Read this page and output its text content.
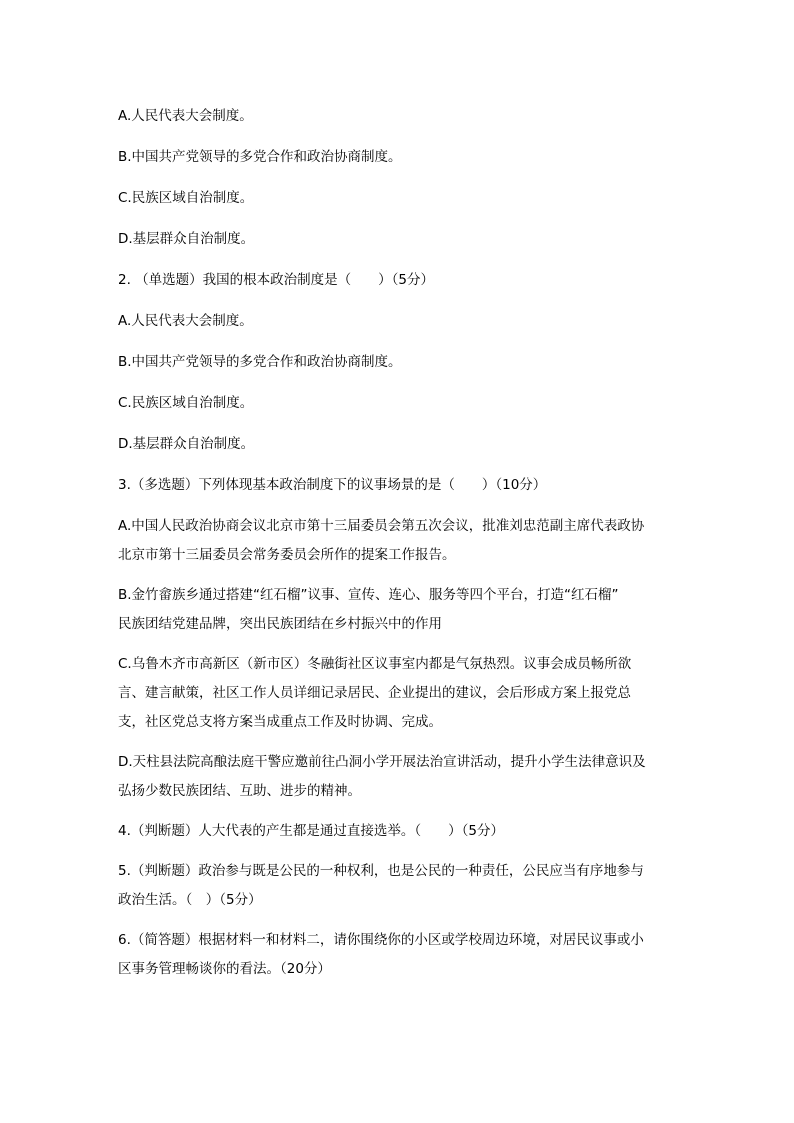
A.人民代表大会制度。
B.中国共产党领导的多党合作和政治协商制度。
C.民族区域自治制度。
D.基层群众自治制度。
2. （单选题）我国的根本政治制度是（　　）（5分）
A.人民代表大会制度。
B.中国共产党领导的多党合作和政治协商制度。
C.民族区域自治制度。
D.基层群众自治制度。
3.（多选题）下列体现基本政治制度下的议事场景的是（　　）（10分）
A.中国人民政治协商会议北京市第十三届委员会第五次会议，批准刘忠范副主席代表政协
北京市第十三届委员会常务委员会所作的提案工作报告。
B.金竹畲族乡通过搭建“红石榴”议事、宣传、连心、服务等四个平台，打造“红石榴”
民族团结党建品牌，突出民族团结在乡村振兴中的作用
C.乌鲁木齐市高新区（新市区）冬融街社区议事室内都是气氛热烈。议事会成员畅所欲
言、建言献策，社区工作人员详细记录居民、企业提出的建议，会后形成方案上报党总
支，社区党总支将方案当成重点工作及时协调、完成。
D.天柱县法院高酿法庭干警应邀前往凸洞小学开展法治宣讲活动，提升小学生法律意识及
弘扬少数民族团结、互助、进步的精神。
4.（判断题）人大代表的产生都是通过直接选举。（　　）（5分）
5.（判断题）政治参与既是公民的一种权利，也是公民的一种责任，公民应当有序地参与
政治生活。（　）（5分）
6.（简答题）根据材料一和材料二，请你围绕你的小区或学校周边环境，对居民议事或小
区事务管理畅谈你的看法。（20分）
